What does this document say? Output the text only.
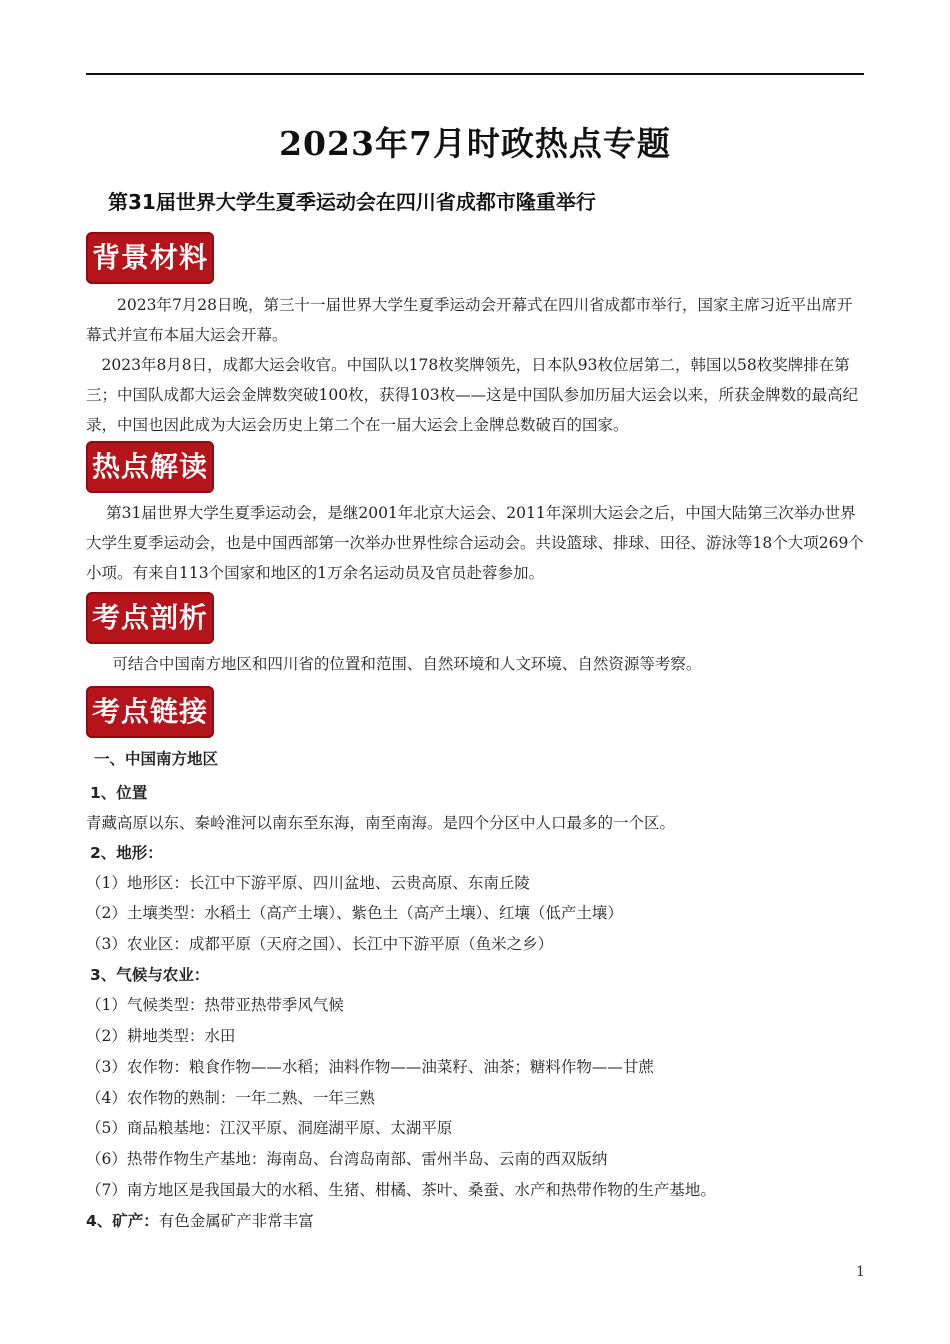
2023年7月时政热点专题
第31届世界大学生夏季运动会在四川省成都市隆重举行
背景材料
2023年7月28日晚，第三十一届世界大学生夏季运动会开幕式在四川省成都市举行，国家主席习近平出席开幕式并宣布本届大运会开幕。
2023年8月8日，成都大运会收官。中国队以178枚奖牌领先，日本队93枚位居第二，韩国以58枚奖牌排在第三；中国队成都大运会金牌数突破100枚，获得103枚——这是中国队参加历届大运会以来，所获金牌数的最高纪录，中国也因此成为大运会历史上第二个在一届大运会上金牌总数破百的国家。
热点解读
第31届世界大学生夏季运动会，是继2001年北京大运会、2011年深圳大运会之后，中国大陆第三次举办世界大学生夏季运动会，也是中国西部第一次举办世界性综合运动会。共设篮球、排球、田径、游泳等18个大项269个小项。有来自113个国家和地区的1万余名运动员及官员赴蓉参加。
考点剖析
可结合中国南方地区和四川省的位置和范围、自然环境和人文环境、自然资源等考察。
考点链接
一、中国南方地区
1、位置
青藏高原以东、秦岭淮河以南东至东海，南至南海。是四个分区中人口最多的一个区。
2、地形：
（1）地形区：长江中下游平原、四川盆地、云贵高原、东南丘陵
（2）土壤类型：水稻土（高产土壤）、紫色土（高产土壤）、红壤（低产土壤）
（3）农业区：成都平原（天府之国）、长江中下游平原（鱼米之乡）
3、气候与农业：
（1）气候类型：热带亚热带季风气候
（2）耕地类型：水田
（3）农作物：粮食作物——水稻；油料作物——油菜籽、油茶；糖料作物——甘蔗
（4）农作物的熟制：一年二熟、一年三熟
（5）商品粮基地：江汉平原、洞庭湖平原、太湖平原
（6）热带作物生产基地：海南岛、台湾岛南部、雷州半岛、云南的西双版纳
（7）南方地区是我国最大的水稻、生猪、柑橘、茶叶、桑蚕、水产和热带作物的生产基地。
4、矿产：有色金属矿产非常丰富
1
